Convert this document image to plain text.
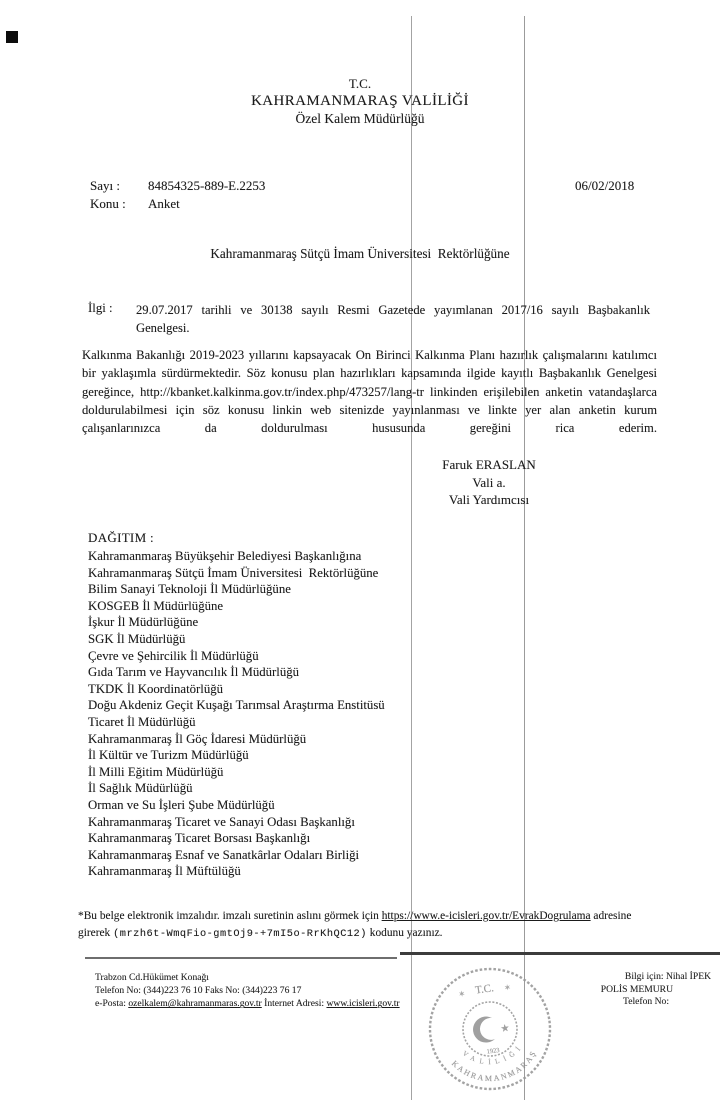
T.C.
KAHRAMANMARAŞ VALİLİĞİ
Özel Kalem Müdürlüğü
Sayı : 84854325-889-E.2253
Konu : Anket
06/02/2018
Kahramanmaraş Sütçü İmam Üniversitesi  Rektörlüğüne
İlgi : 29.07.2017 tarihli ve 30138 sayılı Resmi Gazetede yayımlanan 2017/16 sayılı Başbakanlık Genelgesi.
Kalkınma Bakanlığı 2019-2023 yıllarını kapsayacak On Birinci Kalkınma Planı hazırlık çalışmalarını katılımcı bir yaklaşımla sürdürmektedir. Söz konusu plan hazırlıkları kapsamında ilgide kayıtlı Başbakanlık Genelgesi gereğince, http://kbanket.kalkinma.gov.tr/index.php/473257/lang-tr linkinden erişilebilen anketin vatandaşlarca doldurulabilmesi için söz konusu linkin web sitenizde yayınlanması ve linkte yer alan anketin kurum çalışanlarınızca da doldurulması hususunda gereğini rica ederim.
Faruk ERASLAN
Vali a.
Vali Yardımcısı
DAĞITIM :
Kahramanmaraş Büyükşehir Belediyesi Başkanlığına
Kahramanmaraş Sütçü İmam Üniversitesi  Rektörlüğüne
Bilim Sanayi Teknoloji İl Müdürlüğüne
KOSGEB İl Müdürlüğüne
İşkur İl Müdürlüğüne
SGK İl Müdürlüğü
Çevre ve Şehircilik İl Müdürlüğü
Gıda Tarım ve Hayvancılık İl Müdürlüğü
TKDK İl Koordinatörlüğü
Doğu Akdeniz Geçit Kuşağı Tarımsal Araştırma Enstitüsü
Ticaret İl Müdürlüğü
Kahramanmaraş İl Göç İdaresi Müdürlüğü
İl Kültür ve Turizm Müdürlüğü
İl Milli Eğitim Müdürlüğü
İl Sağlık Müdürlüğü
Orman ve Su İşleri Şube Müdürlüğü
Kahramanmaraş Ticaret ve Sanayi Odası Başkanlığı
Kahramanmaraş Ticaret Borsası Başkanlığı
Kahramanmaraş Esnaf ve Sanatkârlar Odaları Birliği
Kahramanmaraş İl Müftülüğü
*Bu belge elektronik imzalıdır. imzalı suretinin aslını görmek için https://www.e-icisleri.gov.tr/EvrakDogrulama adresine girerek (mrzh6t-WmqFio-gmtOj9-+7mI5o-RrKhQC12) kodunu yazınız.
Trabzon Cd.Hükümet Konağı
Telefon No: (344)223 76 10 Faks No: (344)223 76 17
e-Posta: ozelkalem@kahramanmaras.gov.tr İnternet Adresi: www.icisleri.gov.tr
Bilgi için: Nihal İPEK
POLİS MEMURU
Telefon No:
T.C.
✶
✶
★
1923
KAHRAMANMARAŞ
VALİLİĞİ
